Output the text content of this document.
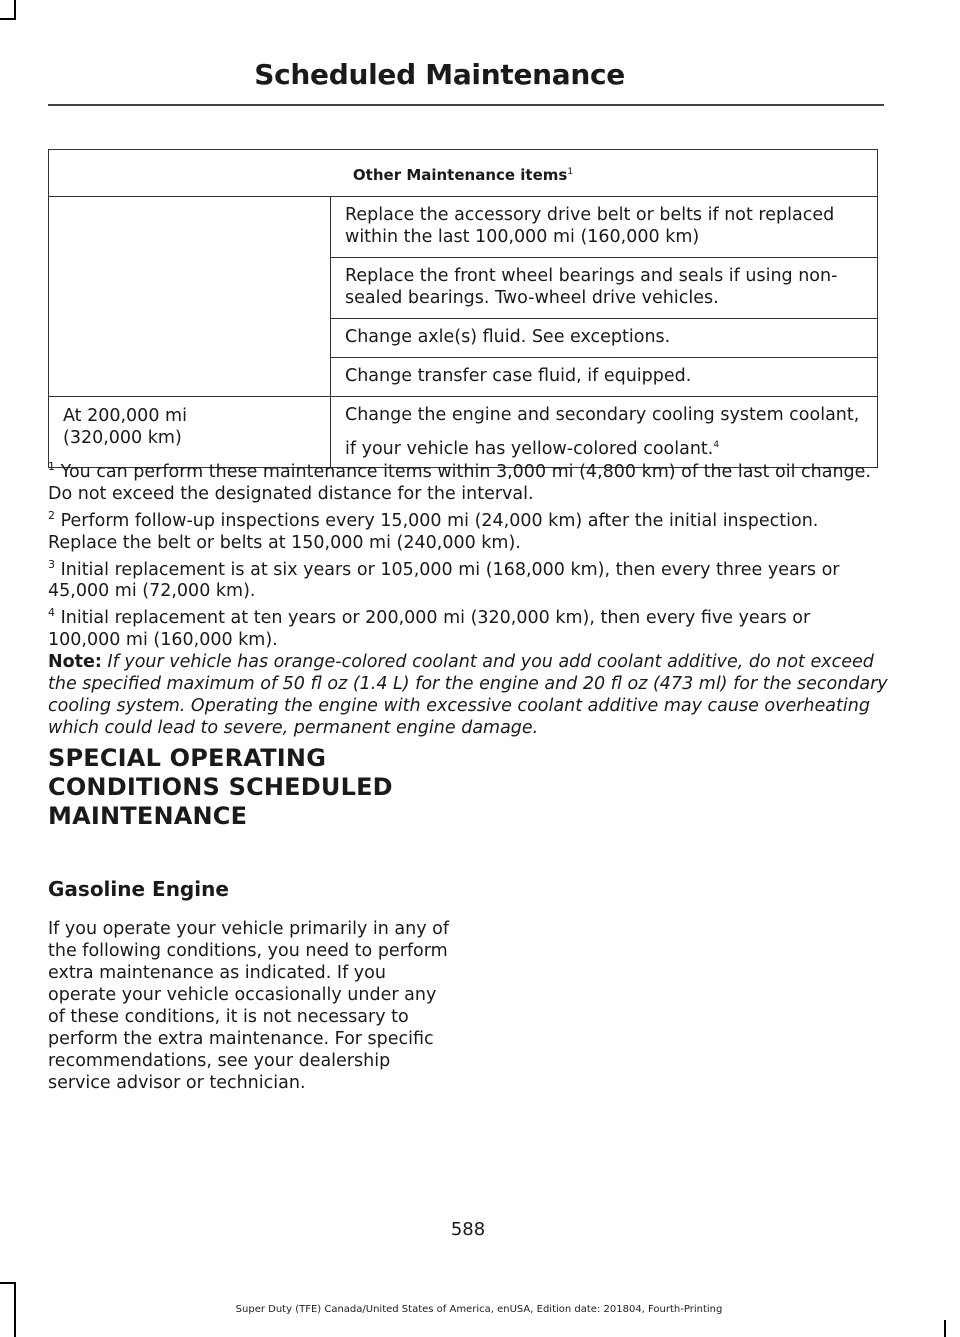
Scheduled Maintenance
Other Maintenance items$^1$
	Replace the accessory drive belt or belts if not replaced within the last 100,000 mi (160,000 km)
	Replace the front wheel bearings and seals if using non-sealed bearings. Two-wheel drive vehicles.
	Change axle(s) fluid. See exceptions.
	Change transfer case fluid, if equipped.
At 200,000 mi
(320,000 km)	Change the engine and secondary cooling system coolant,
if your vehicle has yellow-colored coolant.$^4$

$^1$ You can perform these maintenance items within 3,000 mi (4,800 km) of the last oil change. Do not exceed the designated distance for the interval.

$^2$ Perform follow-up inspections every 15,000 mi (24,000 km) after the initial inspection. Replace the belt or belts at 150,000 mi (240,000 km).

$^3$ Initial replacement is at six years or 105,000 mi (168,000 km), then every three years or 45,000 mi (72,000 km).

$^4$ Initial replacement at ten years or 200,000 mi (320,000 km), then every five years or 100,000 mi (160,000 km).

Note: If your vehicle has orange-colored coolant and you add coolant additive, do not exceed the specified maximum of 50 fl oz (1.4 L) for the engine and 20 fl oz (473 ml) for the secondary cooling system. Operating the engine with excessive coolant additive may cause overheating which could lead to severe, permanent engine damage.

SPECIAL OPERATING
CONDITIONS SCHEDULED
MAINTENANCE
Gasoline Engine

If you operate your vehicle primarily in any of the following conditions, you need to perform extra maintenance as indicated. If you operate your vehicle occasionally under any of these conditions, it is not necessary to perform the extra maintenance. For specific recommendations, see your dealership service advisor or technician.

588
Super Duty (TFE) Canada/United States of America, enUSA, Edition date: 201804, Fourth-Printing
